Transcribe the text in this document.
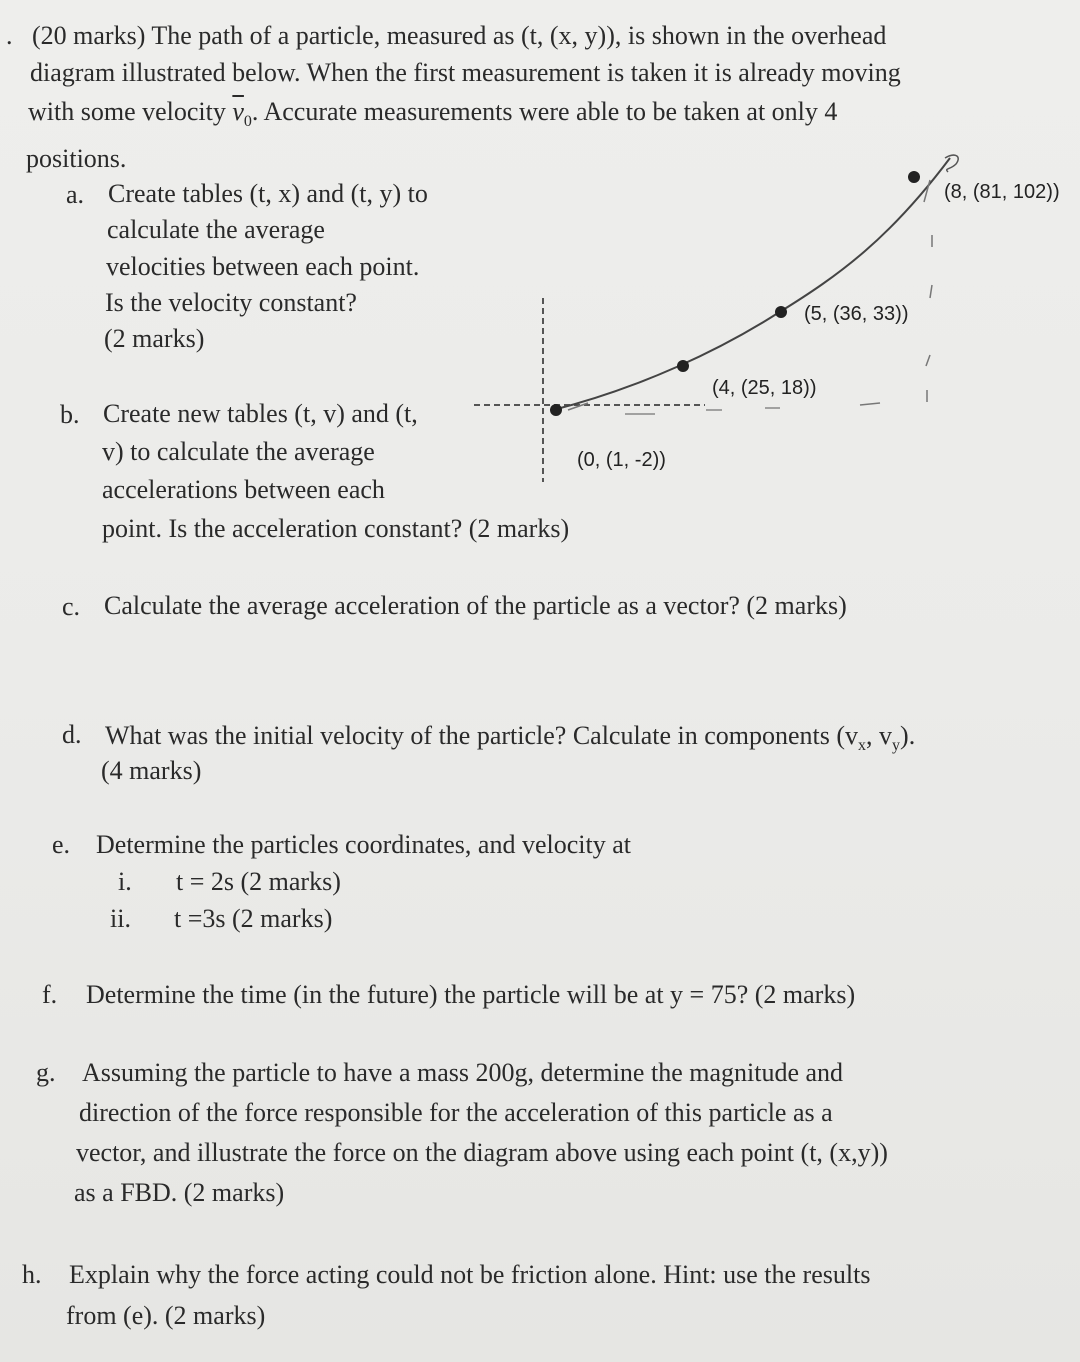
. (20 marks) The path of a particle, measured as (t, (x, y)), is shown in the overhead
diagram illustrated below. When the first measurement is taken it is already moving
with some velocity $\overline{v}_0$. Accurate measurements were able to be taken at only 4
positions.
a. Create tables (t, x) and (t, y) to
calculate the average
velocities between each point.
Is the velocity constant?
(2 marks)
b. Create new tables (t, v) and (t,
v) to calculate the average
accelerations between each
point. Is the acceleration constant? (2 marks)
(0, (1, -2))
(4, (25, 18))
(5, (36, 33))
(8, (81, 102))
c. Calculate the average acceleration of the particle as a vector? (2 marks)
d. What was the initial velocity of the particle? Calculate in components ($v_x$, $v_y$).
(4 marks)
e. Determine the particles coordinates, and velocity at
i. t = 2s (2 marks)
ii. t =3s (2 marks)
f. Determine the time (in the future) the particle will be at y = 75? (2 marks)
g. Assuming the particle to have a mass 200g, determine the magnitude and
direction of the force responsible for the acceleration of this particle as a
vector, and illustrate the force on the diagram above using each point (t, (x,y))
as a FBD. (2 marks)
h. Explain why the force acting could not be friction alone. Hint: use the results
from (e). (2 marks)
